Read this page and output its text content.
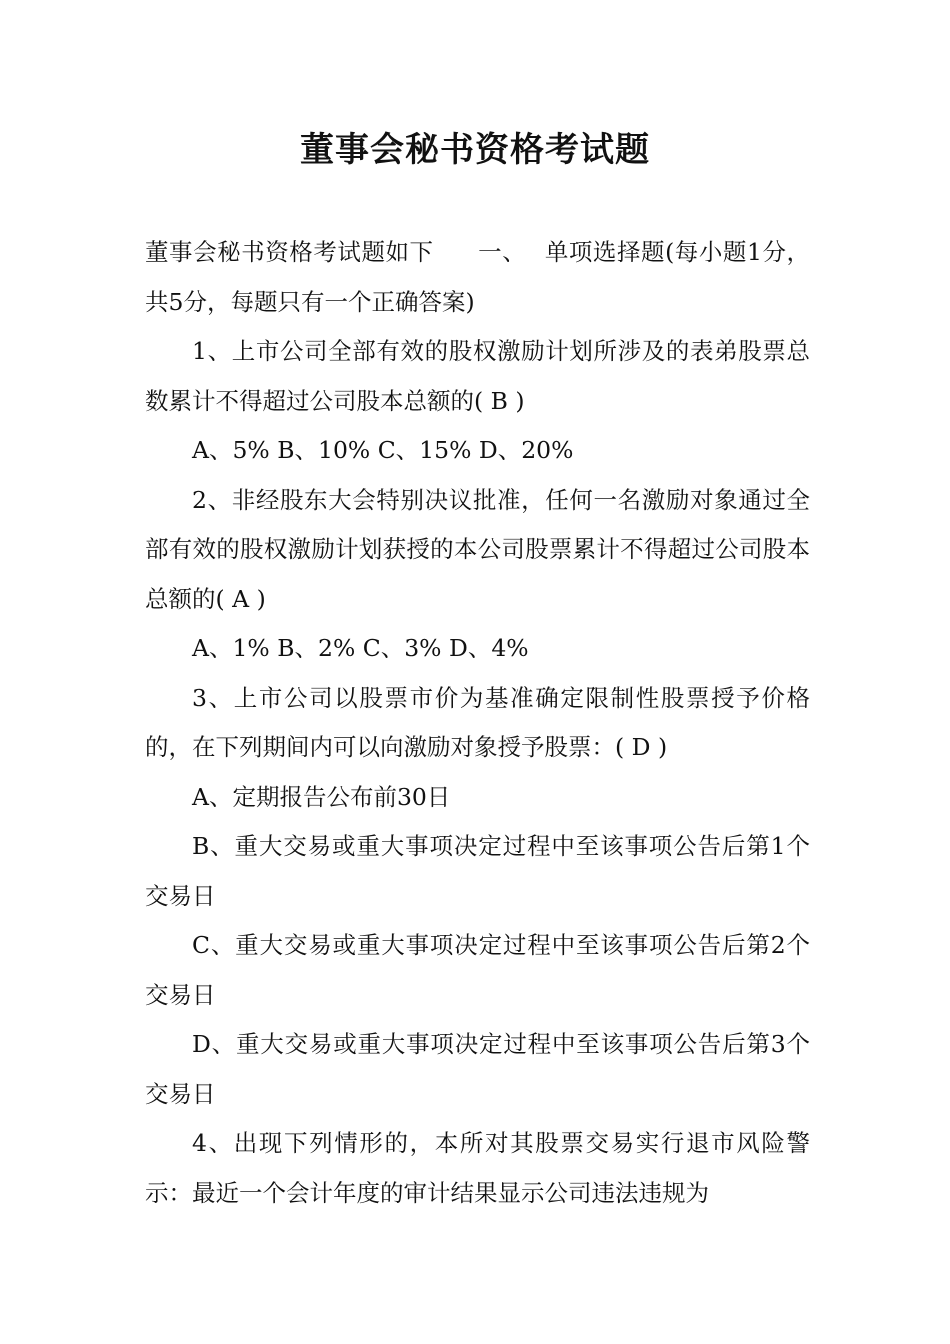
董事会秘书资格考试题

董事会秘书资格考试题如下 一、 单项选择题(每小题1分，共5分，每题只有一个正确答案)

1、上市公司全部有效的股权激励计划所涉及的表弟股票总数累计不得超过公司股本总额的( B )

A、5% B、10% C、15% D、20%

2、非经股东大会特别决议批准，任何一名激励对象通过全部有效的股权激励计划获授的本公司股票累计不得超过公司股本总额的( A )

A、1% B、2% C、3% D、4%

3、上市公司以股票市价为基准确定限制性股票授予价格的，在下列期间内可以向激励对象授予股票：( D )

A、定期报告公布前30日

B、重大交易或重大事项决定过程中至该事项公告后第1个交易日

C、重大交易或重大事项决定过程中至该事项公告后第2个交易日

D、重大交易或重大事项决定过程中至该事项公告后第3个交易日

4、出现下列情形的，本所对其股票交易实行退市风险警示：最近一个会计年度的审计结果显示公司违法违规为
